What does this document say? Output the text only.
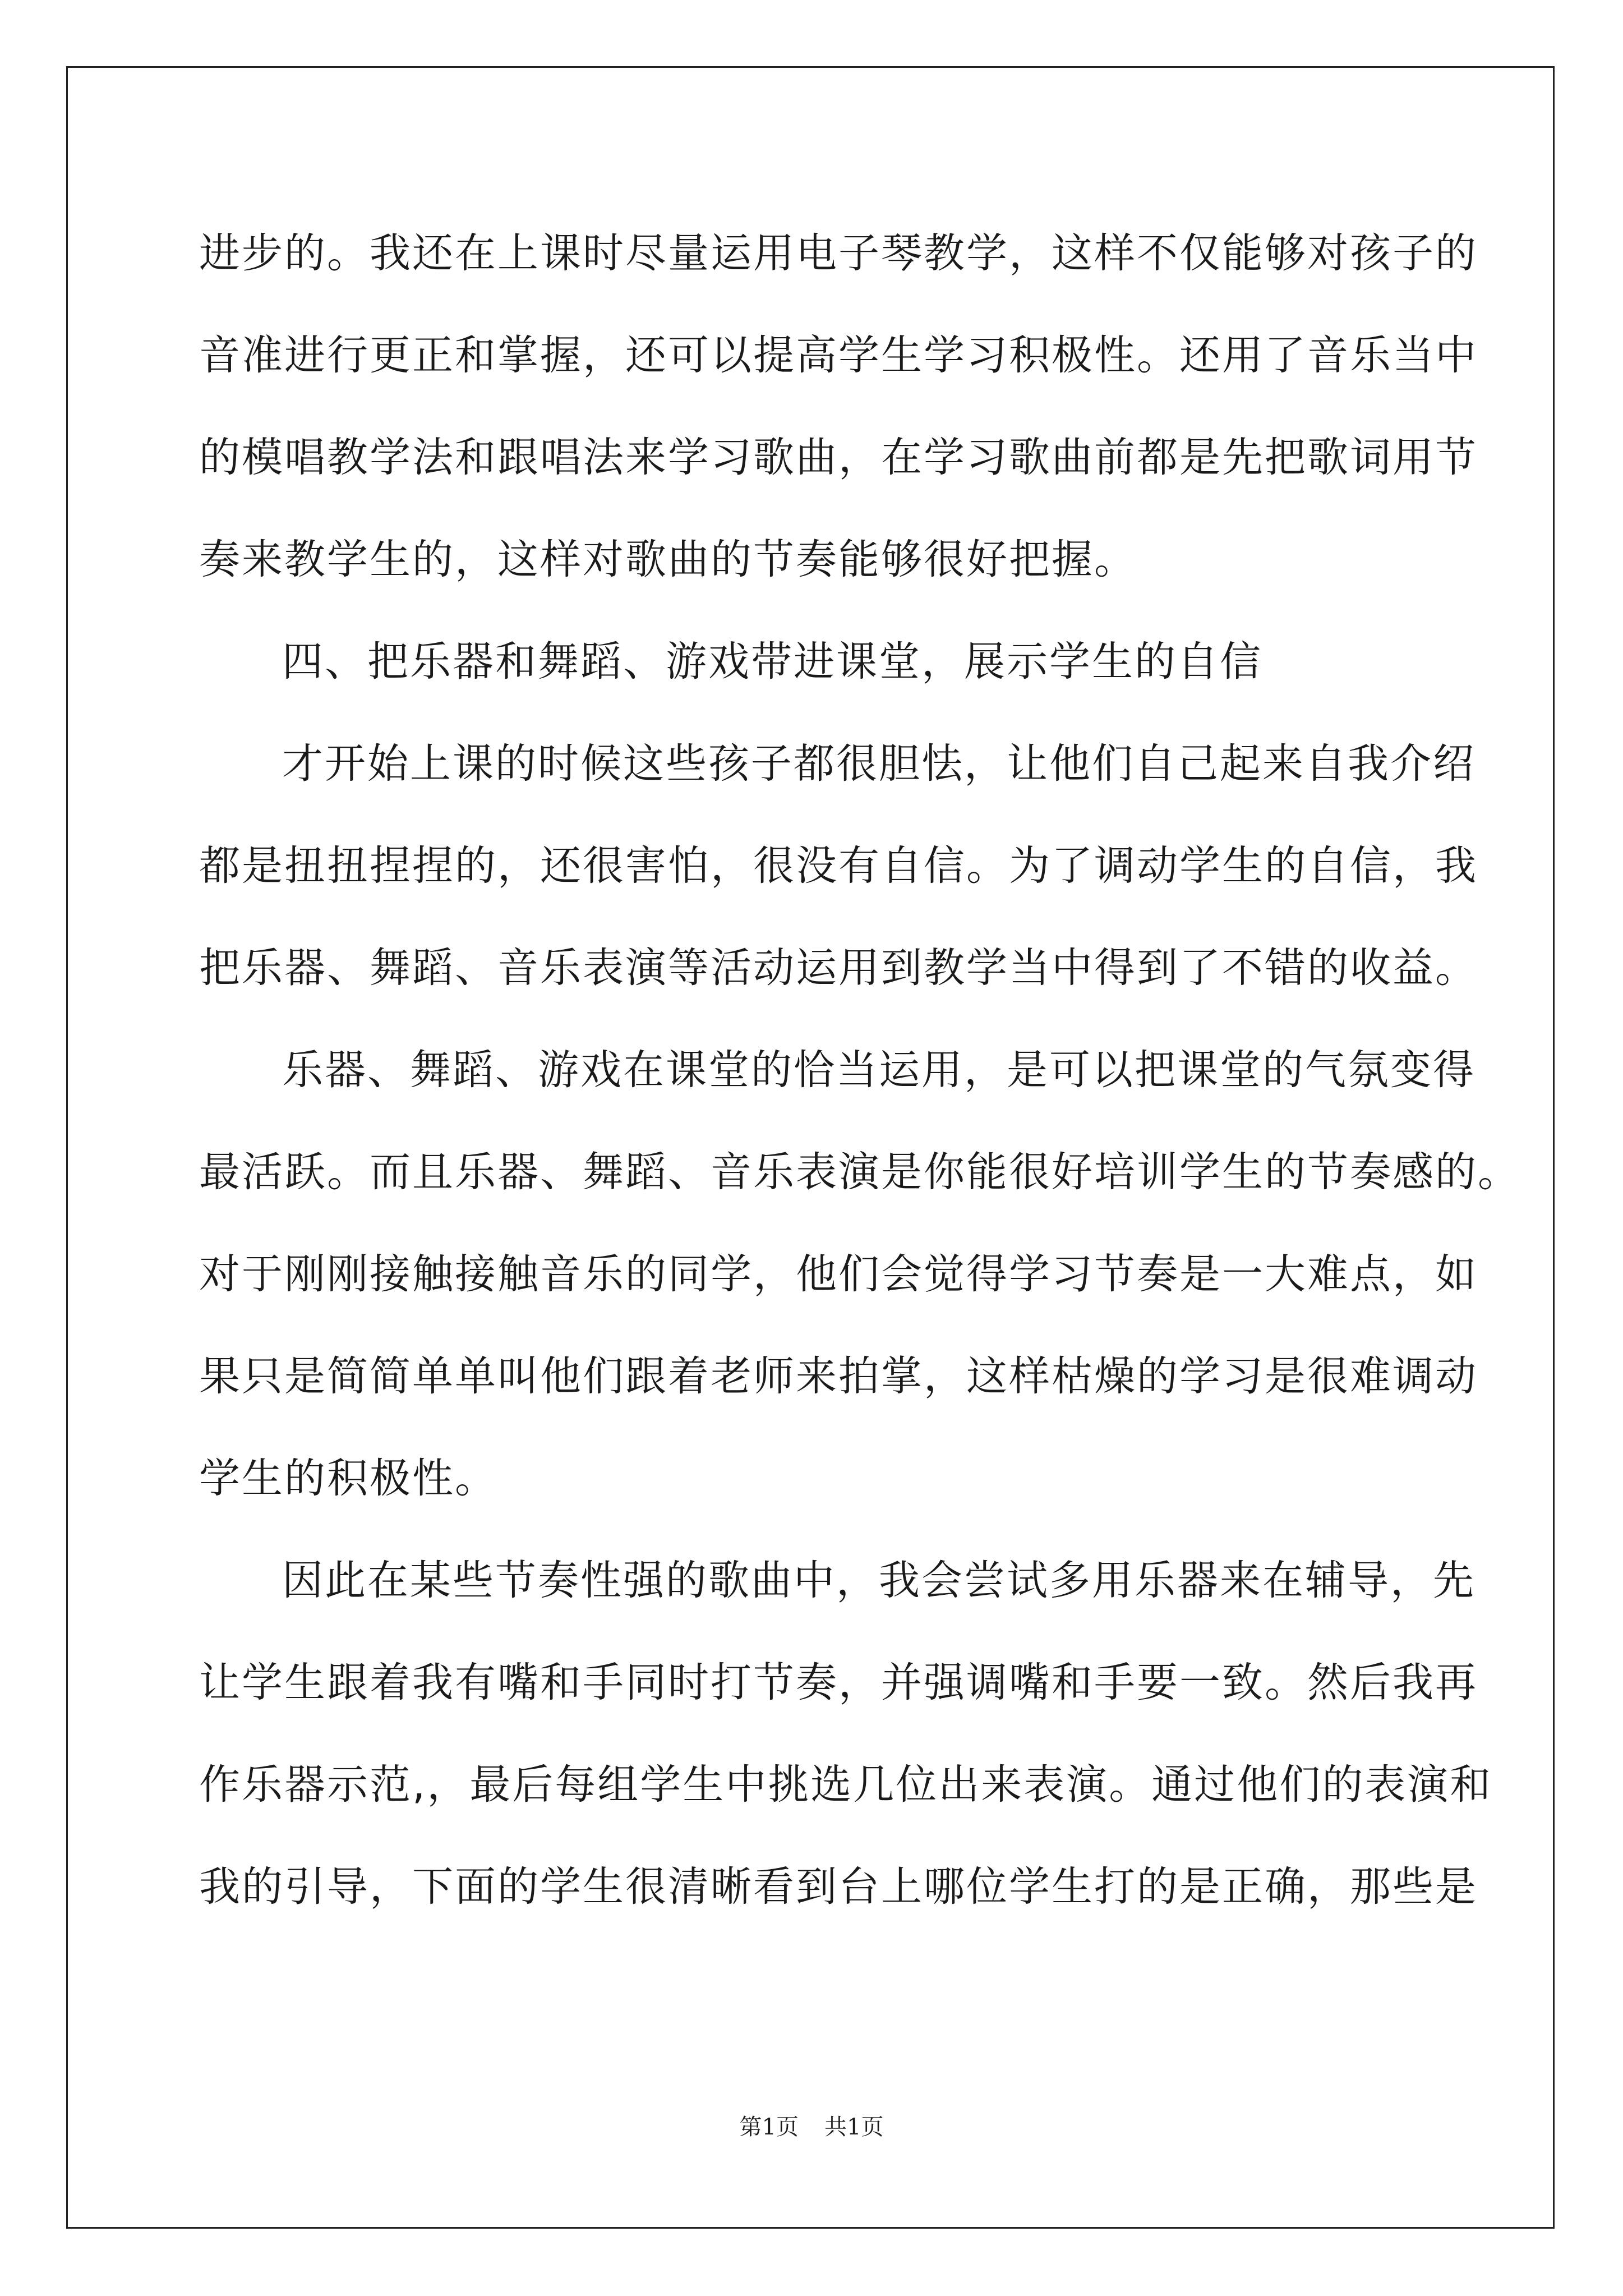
进步的。我还在上课时尽量运用电子琴教学，这样不仅能够对孩子的
音准进行更正和掌握，还可以提高学生学习积极性。还用了音乐当中
的模唱教学法和跟唱法来学习歌曲，在学习歌曲前都是先把歌词用节
奏来教学生的，这样对歌曲的节奏能够很好把握。
四、把乐器和舞蹈、游戏带进课堂，展示学生的自信
才开始上课的时候这些孩子都很胆怯，让他们自己起来自我介绍
都是扭扭捏捏的，还很害怕，很没有自信。为了调动学生的自信，我
把乐器、舞蹈、音乐表演等活动运用到教学当中得到了不错的收益。
乐器、舞蹈、游戏在课堂的恰当运用，是可以把课堂的气氛变得
最活跃。而且乐器、舞蹈、音乐表演是你能很好培训学生的节奏感的。
对于刚刚接触接触音乐的同学，他们会觉得学习节奏是一大难点，如
果只是简简单单叫他们跟着老师来拍掌，这样枯燥的学习是很难调动
学生的积极性。
因此在某些节奏性强的歌曲中，我会尝试多用乐器来在辅导，先
让学生跟着我有嘴和手同时打节奏，并强调嘴和手要一致。然后我再
作乐器示范,，最后每组学生中挑选几位出来表演。通过他们的表演和
我的引导，下面的学生很清晰看到台上哪位学生打的是正确，那些是
第1页 共1页
